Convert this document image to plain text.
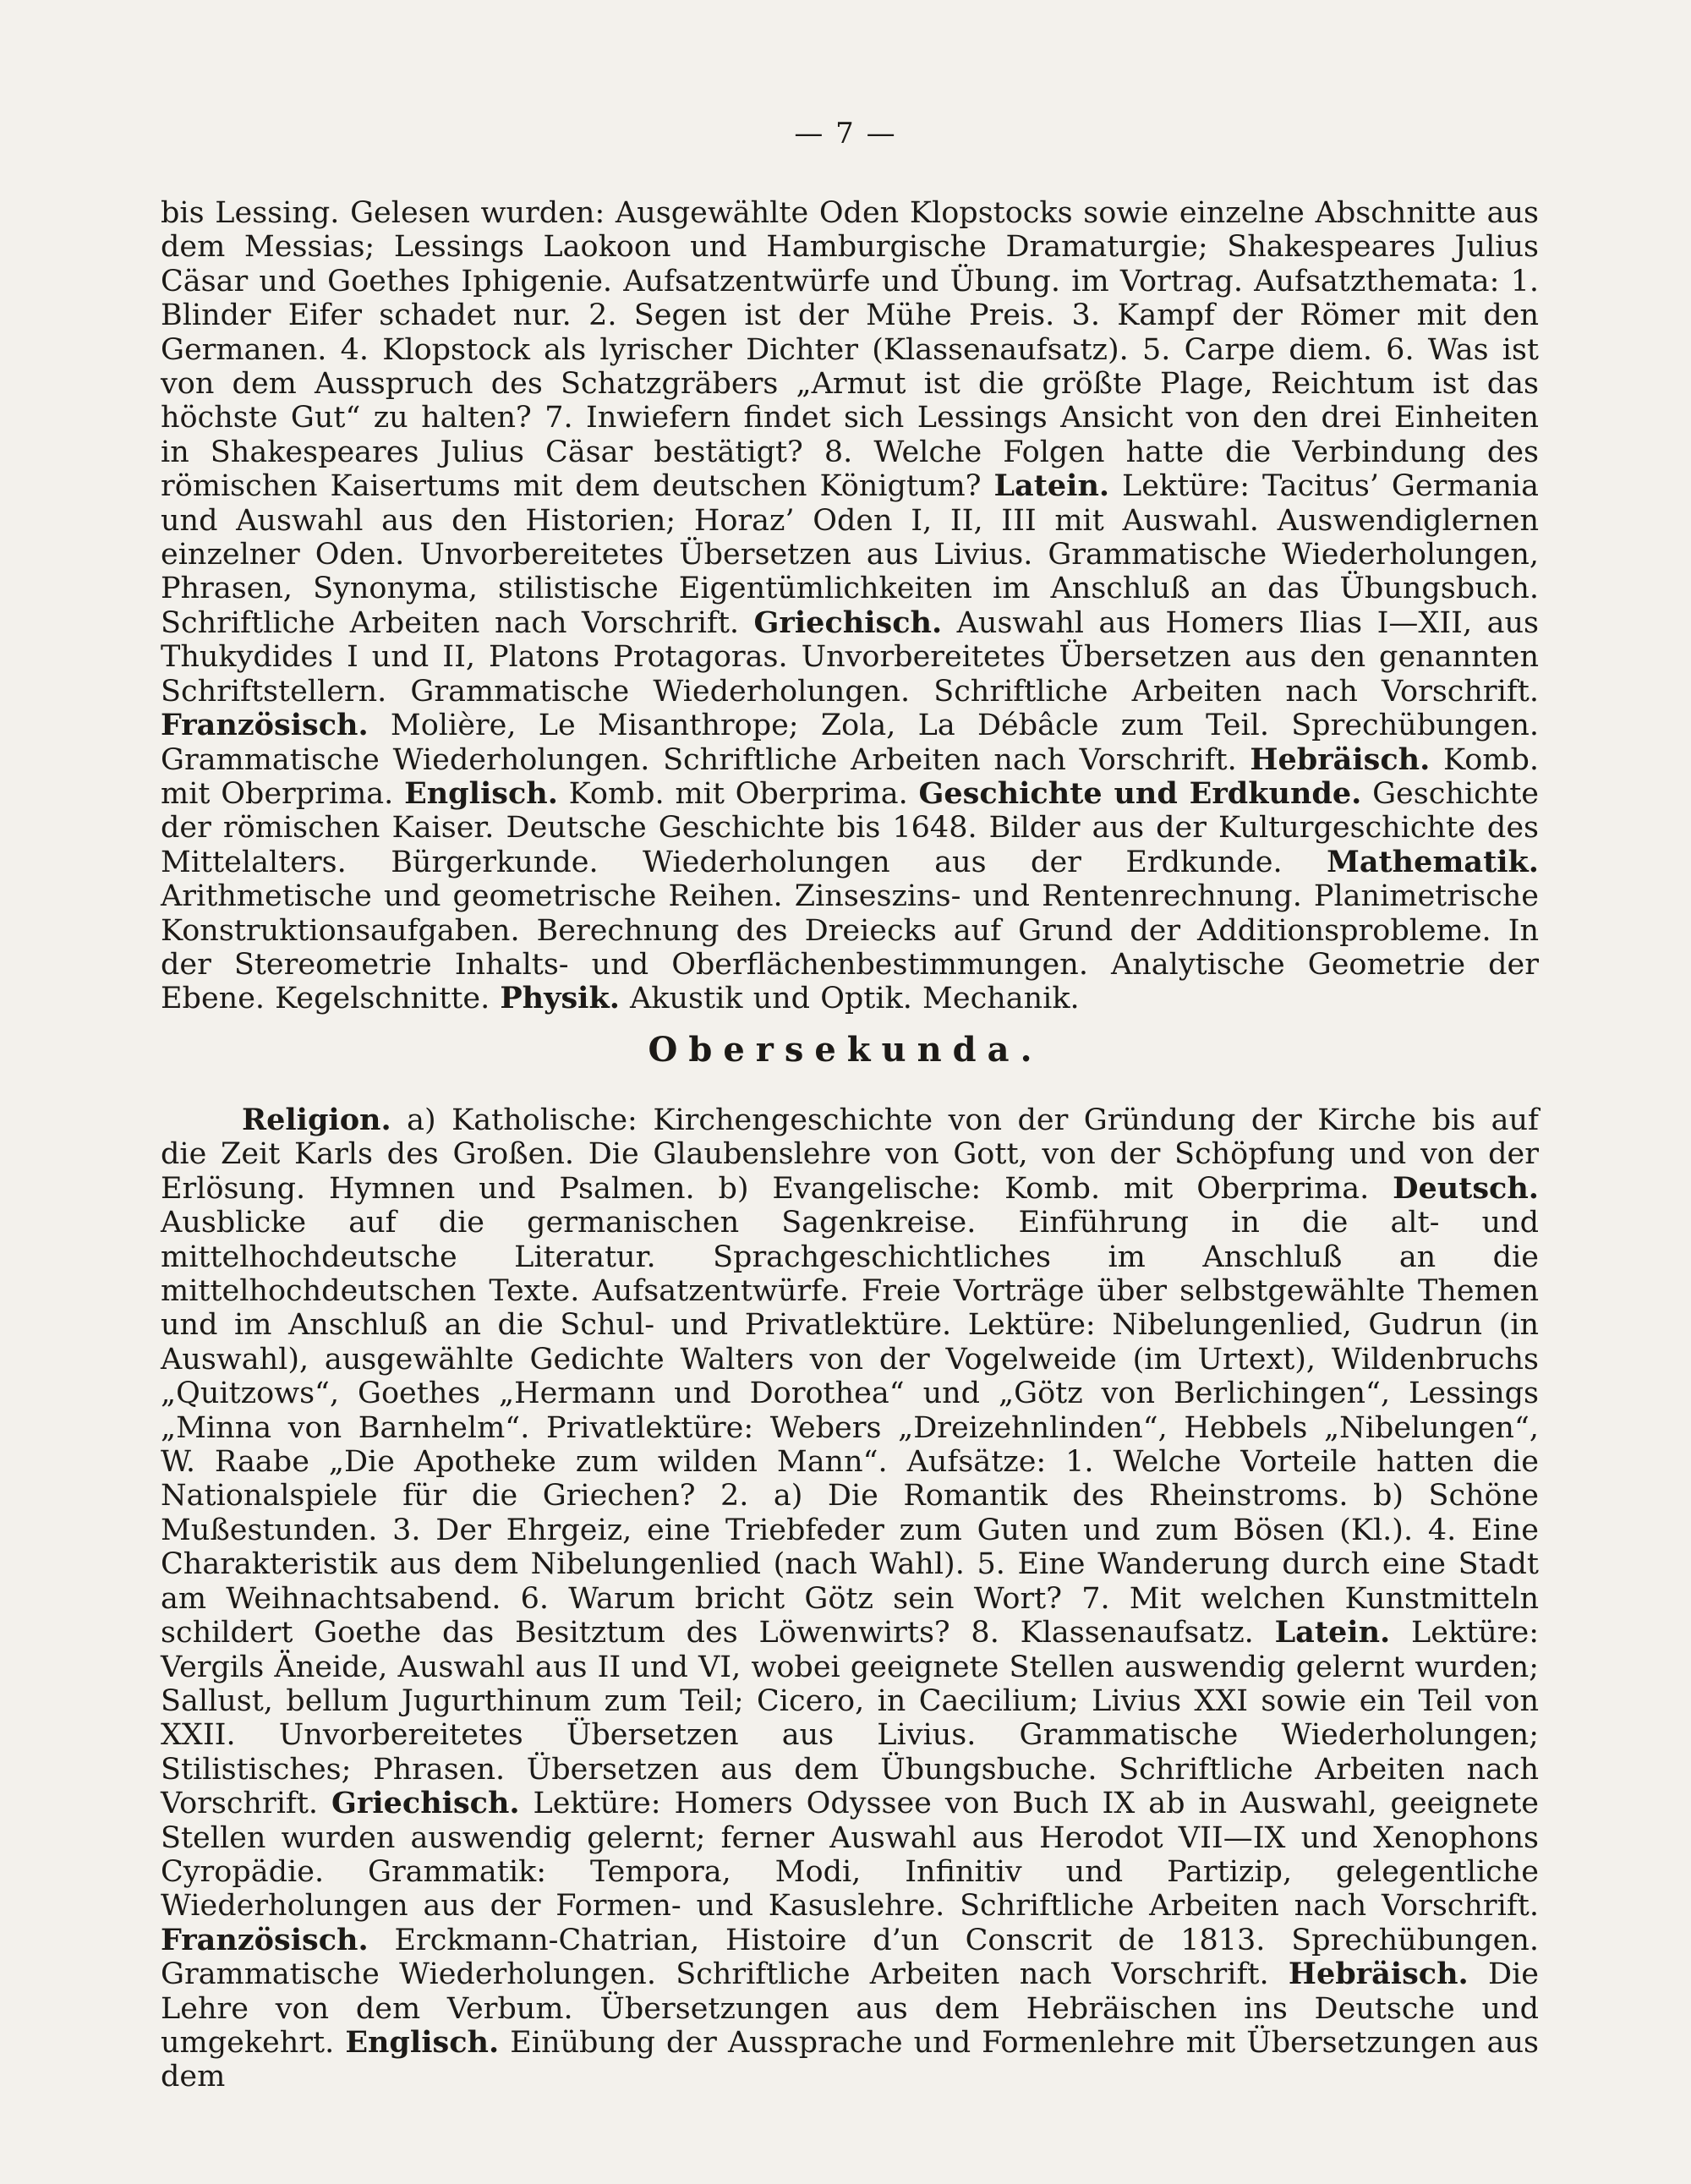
— 7 —
bis Lessing. Gelesen wurden: Ausgewählte Oden Klopstocks sowie einzelne Abschnitte aus dem Messias; Lessings Laokoon und Hamburgische Dramaturgie; Shakespeares Julius Cäsar und Goethes Iphigenie. Aufsatzentwürfe und Übung. im Vortrag. Aufsatzthemata: 1. Blinder Eifer schadet nur. 2. Segen ist der Mühe Preis. 3. Kampf der Römer mit den Germanen. 4. Klopstock als lyrischer Dichter (Klassenaufsatz). 5. Carpe diem. 6. Was ist von dem Ausspruch des Schatzgräbers „Armut ist die größte Plage, Reichtum ist das höchste Gut“ zu halten? 7. Inwiefern findet sich Lessings Ansicht von den drei Einheiten in Shakespeares Julius Cäsar bestätigt? 8. Welche Folgen hatte die Verbindung des römischen Kaisertums mit dem deutschen Königtum? Latein. Lektüre: Tacitus’ Germania und Auswahl aus den Historien; Horaz’ Oden I, II, III mit Auswahl. Auswendiglernen einzelner Oden. Unvorbereitetes Übersetzen aus Livius. Grammatische Wiederholungen, Phrasen, Synonyma, stilistische Eigentümlichkeiten im Anschluß an das Übungsbuch. Schriftliche Arbeiten nach Vorschrift. Griechisch. Auswahl aus Homers Ilias I—XII, aus Thukydides I und II, Platons Protagoras. Unvorbereitetes Übersetzen aus den genannten Schriftstellern. Grammatische Wiederholungen. Schriftliche Arbeiten nach Vorschrift. Französisch. Molière, Le Misanthrope; Zola, La Débâcle zum Teil. Sprechübungen. Grammatische Wiederholungen. Schriftliche Arbeiten nach Vorschrift. Hebräisch. Komb. mit Oberprima. Englisch. Komb. mit Oberprima. Geschichte und Erdkunde. Geschichte der römischen Kaiser. Deutsche Geschichte bis 1648. Bilder aus der Kulturgeschichte des Mittelalters. Bürgerkunde. Wiederholungen aus der Erdkunde. Mathematik. Arithmetische und geometrische Reihen. Zinseszins- und Rentenrechnung. Planimetrische Konstruktionsaufgaben. Berechnung des Dreiecks auf Grund der Additionsprobleme. In der Stereometrie Inhalts- und Oberflächenbestimmungen. Analytische Geometrie der Ebene. Kegelschnitte. Physik. Akustik und Optik. Mechanik.
Obersekunda.
Religion. a) Katholische: Kirchengeschichte von der Gründung der Kirche bis auf die Zeit Karls des Großen. Die Glaubenslehre von Gott, von der Schöpfung und von der Erlösung. Hymnen und Psalmen. b) Evangelische: Komb. mit Oberprima. Deutsch. Ausblicke auf die germanischen Sagenkreise. Einführung in die alt- und mittelhochdeutsche Literatur. Sprachgeschichtliches im Anschluß an die mittelhochdeutschen Texte. Aufsatzentwürfe. Freie Vorträge über selbstgewählte Themen und im Anschluß an die Schul- und Privatlektüre. Lektüre: Nibelungenlied, Gudrun (in Auswahl), ausgewählte Gedichte Walters von der Vogelweide (im Urtext), Wildenbruchs „Quitzows“, Goethes „Hermann und Dorothea“ und „Götz von Berlichingen“, Lessings „Minna von Barnhelm“. Privatlektüre: Webers „Dreizehnlinden“, Hebbels „Nibelungen“, W. Raabe „Die Apotheke zum wilden Mann“. Aufsätze: 1. Welche Vorteile hatten die Nationalspiele für die Griechen? 2. a) Die Romantik des Rheinstroms. b) Schöne Mußestunden. 3. Der Ehrgeiz, eine Triebfeder zum Guten und zum Bösen (Kl.). 4. Eine Charakteristik aus dem Nibelungenlied (nach Wahl). 5. Eine Wanderung durch eine Stadt am Weihnachtsabend. 6. Warum bricht Götz sein Wort? 7. Mit welchen Kunstmitteln schildert Goethe das Besitztum des Löwenwirts? 8. Klassenaufsatz. Latein. Lektüre: Vergils Äneide, Auswahl aus II und VI, wobei geeignete Stellen auswendig gelernt wurden; Sallust, bellum Jugurthinum zum Teil; Cicero, in Caecilium; Livius XXI sowie ein Teil von XXII. Unvorbereitetes Übersetzen aus Livius. Grammatische Wiederholungen; Stilistisches; Phrasen. Übersetzen aus dem Übungsbuche. Schriftliche Arbeiten nach Vorschrift. Griechisch. Lektüre: Homers Odyssee von Buch IX ab in Auswahl, geeignete Stellen wurden auswendig gelernt; ferner Auswahl aus Herodot VII—IX und Xenophons Cyropädie. Grammatik: Tempora, Modi, Infinitiv und Partizip, gelegentliche Wiederholungen aus der Formen- und Kasuslehre. Schriftliche Arbeiten nach Vorschrift. Französisch. Erckmann-Chatrian, Histoire d’un Conscrit de 1813. Sprechübungen. Grammatische Wiederholungen. Schriftliche Arbeiten nach Vorschrift. Hebräisch. Die Lehre von dem Verbum. Übersetzungen aus dem Hebräischen ins Deutsche und umgekehrt. Englisch. Einübung der Aussprache und Formenlehre mit Übersetzungen aus dem
